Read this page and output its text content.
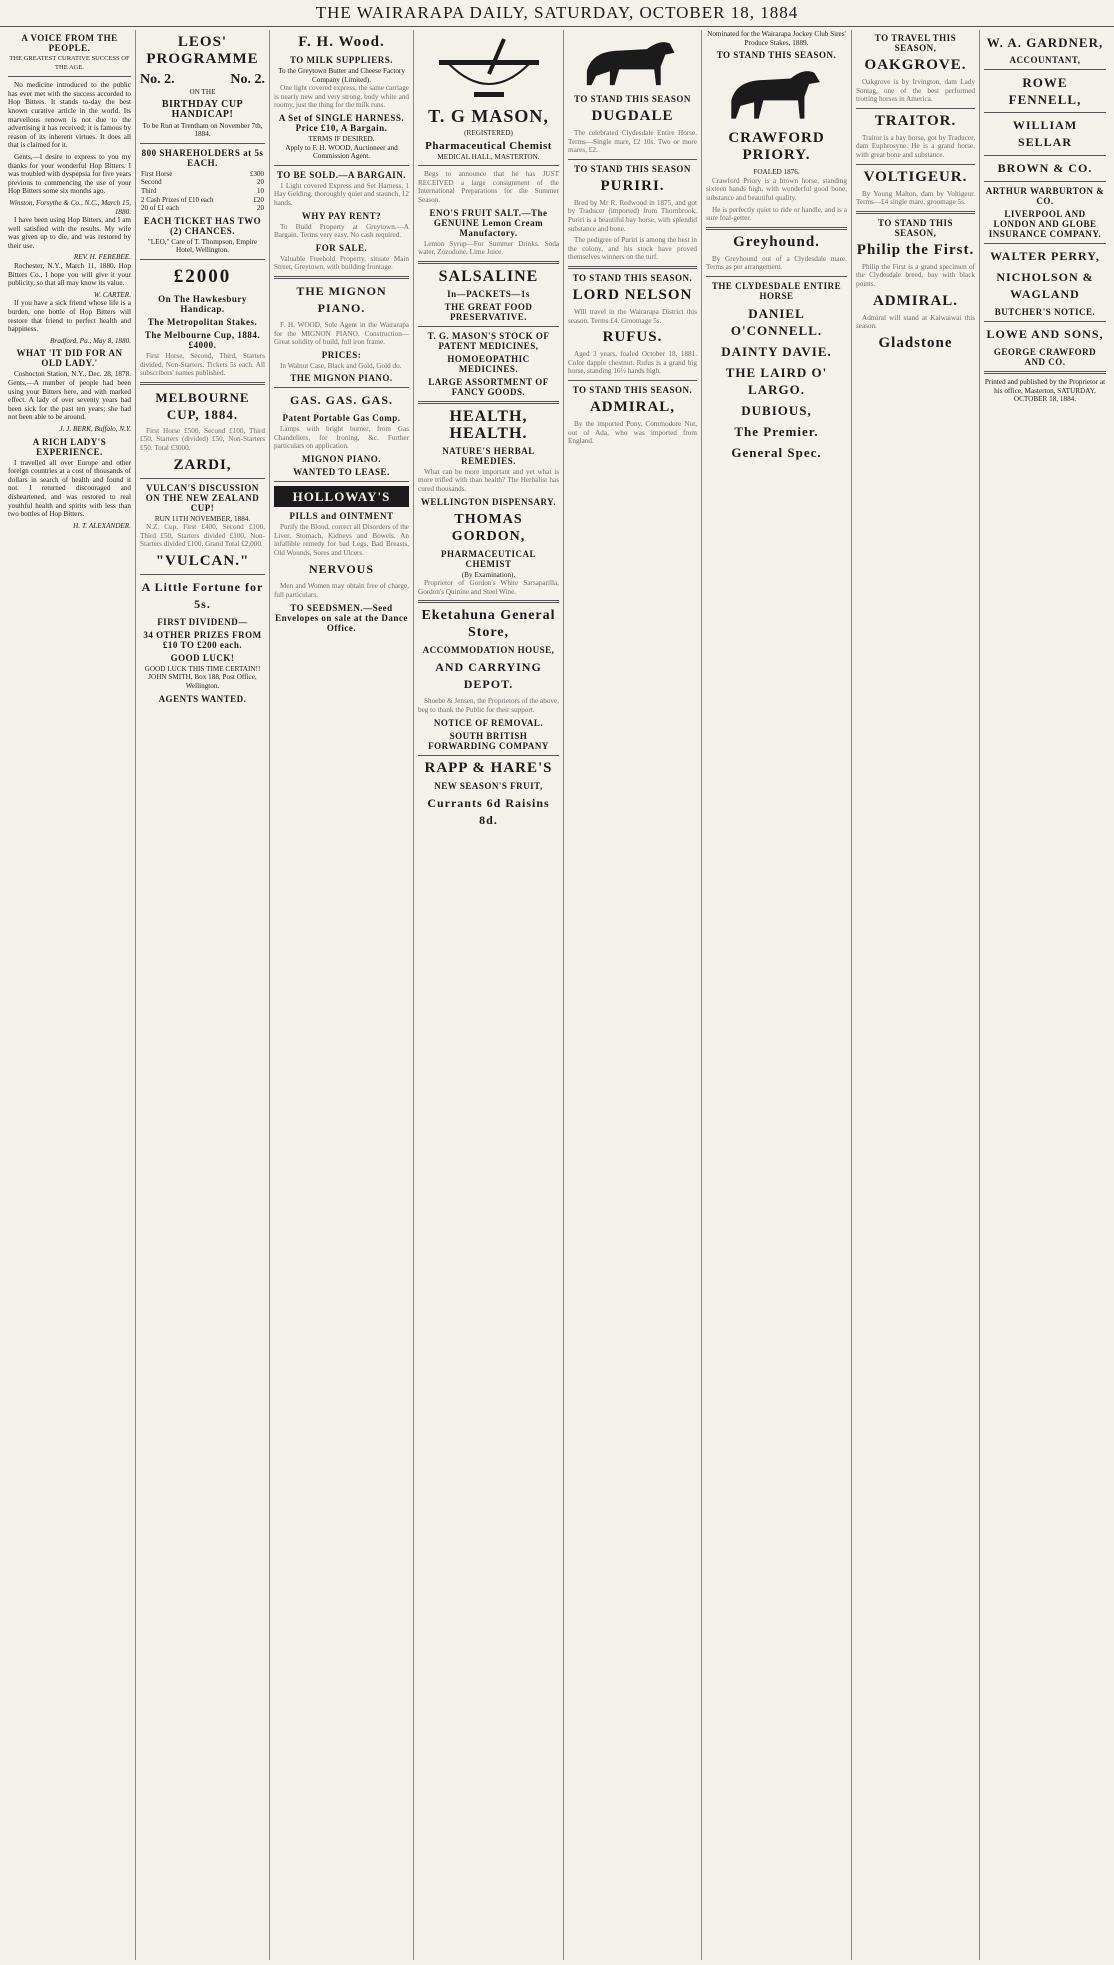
THE WAIRARAPA DAILY, SATURDAY, OCTOBER 18, 1884
A VOICE FROM THE PEOPLE.
THE GREATEST CURATIVE SUCCESS OF THE AGE.

No medicine introduced to the public has ever met with the success accorded to Hop Bitters. It stands to-day the best known curative article in the world. Its marvellous renown is not due to the advertising it has received; it is famous by reason of its inherent virtues. It does all that is claimed for it.

Gents,—I desire to express to you my thanks for your wonderful Hop Bitters. I was troubled with dyspepsia for five years previous to commencing the use of your Hop Bitters some six months ago.

Winston, Forsythe & Co., N.C., March 15, 1880.

I have been using Hop Bitters, and I am well satisfied with the results. My wife was given up to die, and was restored by their use.

REV. H. FEREBEE.

Rochester, N.Y., March 11, 1880. Hop Bitters Co., I hope you will give it your publicity, so that all may know its value.

W. CARTER.

If you have a sick friend whose life is a burden, one bottle of Hop Bitters will restore that friend to perfect health and happiness.

Bradford, Pa., May 8, 1880.
WHAT 'IT DID FOR AN OLD LADY.'

Coshocton Station, N.Y., Dec. 28, 1878. Gents,—A number of people had been using your Bitters here, and with marked effect. A lady of over seventy years had been sick for the past ten years; she had not been able to be around.

J. J. BERK, Buffalo, N.Y.
A RICH LADY'S EXPERIENCE.

I travelled all over Europe and other foreign countries at a cost of thousands of dollars in search of health and found it not. I returned discouraged and disheartened, and was restored to real youthful health and spirits with less than two bottles of Hop Bitters.

H. T. ALEXANDER.
LEOS' PROGRAMME
No. 2.	No. 2.
ON THE
BIRTHDAY CUP HANDICAP!
To be Run at Trentham on November 7th, 1884.
800 SHAREHOLDERS at 5s EACH.
First Horse	£300
Second	20
Third	10
2 Cash Prizes of £10 each	£20
20 of £1 each	20
EACH TICKET HAS TWO (2) CHANCES.
"LEO," Care of T. Thompson, Empire Hotel, Wellington.
£2000
On The Hawkesbury Handicap.
The Metropolitan Stakes.
The Melbourne Cup, 1884. £4000.

First Horse, Second, Third, Starters divided, Non-Starters. Tickets 5s each. All subscribers' names published.

MELBOURNE CUP, 1884.

First Horse £500, Second £100, Third £50, Starters (divided) £50, Non-Starters £50. Total £3000.

ZARDI,
VULCAN'S DISCUSSION ON THE NEW ZEALAND CUP!
RUN 11TH NOVEMBER, 1884.

N.Z. Cup, First £400, Second £100, Third £50, Starters divided £100, Non-Starters divided £100. Grand Total £2,000.

"VULCAN."
A Little Fortune for 5s.
FIRST DIVIDEND—
34 OTHER PRIZES FROM £10 TO £200 each.
GOOD LUCK!
GOOD LUCK THIS TIME CERTAIN!!
JOHN SMITH, Box 188, Post Office, Wellington.
AGENTS WANTED.
F. H. Wood.
TO MILK SUPPLIERS.
To the Greytown Butter and Cheese Factory Company (Limited).

One light covered express, the same carriage is nearly new and very strong, body white and roomy, just the thing for the milk runs.

A Set of SINGLE HARNESS. Price £10, A Bargain.
TERMS IF DESIRED.
Apply to F. H. WOOD, Auctioneer and Commission Agent.
TO BE SOLD.—A BARGAIN.

1 Light covered Express and Set Harness, 1 Hay Gelding, thoroughly quiet and staunch, 12 hands.

WHY PAY RENT?

To Build Property at Greytown.—A Bargain. Terms very easy. No cash required.

FOR SALE.

Valuable Freehold Property, situate Main Street, Greytown, with building frontage.

THE MIGNON PIANO.

F. H. WOOD, Sole Agent in the Wairarapa for the MIGNON PIANO. Construction—Great solidity of build, full iron frame.

PRICES:

In Walnut Case, Black and Gold, Gold do.

THE MIGNON PIANO.
GAS. GAS. GAS.
Patent Portable Gas Comp.

Lamps with bright burner, from Gas Chandeliers, for Ironing, &c. Further particulars on application.

MIGNON PIANO.
WANTED TO LEASE.
HOLLOWAY'S
PILLS and OINTMENT

Purify the Blood, correct all Disorders of the Liver, Stomach, Kidneys and Bowels. An infallible remedy for bad Legs, Bad Breasts, Old Wounds, Sores and Ulcers.

NERVOUS

Men and Women may obtain free of charge, full particulars.

TO SEEDSMEN.—Seed Envelopes on sale at the Dance Office.
T. G MASON,
(REGISTERED)
Pharmaceutical Chemist
MEDICAL HALL, MASTERTON.

Begs to announce that he has JUST RECEIVED a large consignment of the International Preparations for the Summer Season.

ENO'S FRUIT SALT.—The GENUINE Lemon Cream Manufactory.

Lemon Syrup—For Summer Drinks. Soda water, Zozodone, Lime Juice.

SALSALINE
In—PACKETS—1s
THE GREAT FOOD PRESERVATIVE.
T. G. MASON'S STOCK OF PATENT MEDICINES,
HOMOEOPATHIC MEDICINES.
LARGE ASSORTMENT OF FANCY GOODS.
HEALTH, HEALTH.
NATURE'S HERBAL REMEDIES.

What can be more important and yet what is more trifled with than health? The Herbalist has cured thousands.

WELLINGTON DISPENSARY.
THOMAS GORDON,
PHARMACEUTICAL CHEMIST
(By Examination),

Proprietor of Gordon's White Sarsaparilla, Gordon's Quinine and Steel Wine.

Eketahuna General Store,
ACCOMMODATION HOUSE,
AND CARRYING DEPOT.

Shoebe & Jensen, the Proprietors of the above, beg to thank the Public for their support.

NOTICE OF REMOVAL.
SOUTH BRITISH FORWARDING COMPANY
RAPP & HARE'S
NEW SEASON'S FRUIT,
Currants 6d Raisins 8d.
TO STAND THIS SEASON
DUGDALE

The celebrated Clydesdale Entire Horse. Terms—Single mare, £2 10s. Two or more mares, £2.

TO STAND THIS SEASON
PURIRI.

Bred by Mr R. Redwood in 1875, and got by Traducer (imported) from Thornbrook. Puriri is a beautiful bay horse, with splendid substance and bone.

The pedigree of Puriri is among the best in the colony, and his stock have proved themselves winners on the turf.

TO STAND THIS SEASON.
LORD NELSON

Will travel in the Wairarapa District this season. Terms £4. Groomage 5s.

RUFUS.

Aged 3 years, foaled October 18, 1881. Color dapple chestnut. Rufus is a grand big horse, standing 16½ hands high.

TO STAND THIS SEASON.
ADMIRAL,

By the imported Pony, Commodore Nut, out of Ada, who was imported from England.

Nominated for the Wairarapa Jockey Club Sires' Produce Stakes, 1889.
TO STAND THIS SEASON.
CRAWFORD PRIORY.
FOALED 1876.

Crawford Priory is a brown horse, standing sixteen hands high, with wonderful good bone, substance and beautiful quality.

He is perfectly quiet to ride or handle, and is a sure foal-getter.

Greyhound.

By Greyhound out of a Clydesdale mare. Terms as per arrangement.

THE CLYDESDALE ENTIRE HORSE
DANIEL O'CONNELL.
DAINTY DAVIE.
THE LAIRD O' LARGO.
DUBIOUS,
The Premier.
General Spec.
TO TRAVEL THIS SEASON,
OAKGROVE.

Oakgrove is by Irvington, dam Lady Sontag, one of the best performed trotting horses in America.

TRAITOR.

Traitor is a bay horse, got by Traducer, dam Euphrosyne. He is a grand horse, with great bone and substance.

VOLTIGEUR.

By Young Malton, dam by Voltigeur. Terms—£4 single mare, groomage 5s.

TO STAND THIS SEASON,
Philip the First.

Philip the First is a grand specimen of the Clydesdale breed, bay with black points.

ADMIRAL.

Admiral will stand at Kaiwaiwai this season.

Gladstone
W. A. GARDNER,
ACCOUNTANT,
ROWE FENNELL,
WILLIAM SELLAR
BROWN & CO.
ARTHUR WARBURTON & CO.
LIVERPOOL AND LONDON AND GLOBE INSURANCE COMPANY.
WALTER PERRY,
NICHOLSON & WAGLAND
BUTCHER'S NOTICE.
LOWE AND SONS,
GEORGE CRAWFORD AND CO.
Printed and published by the Proprietor at his office, Masterton, SATURDAY, OCTOBER 18, 1884.
